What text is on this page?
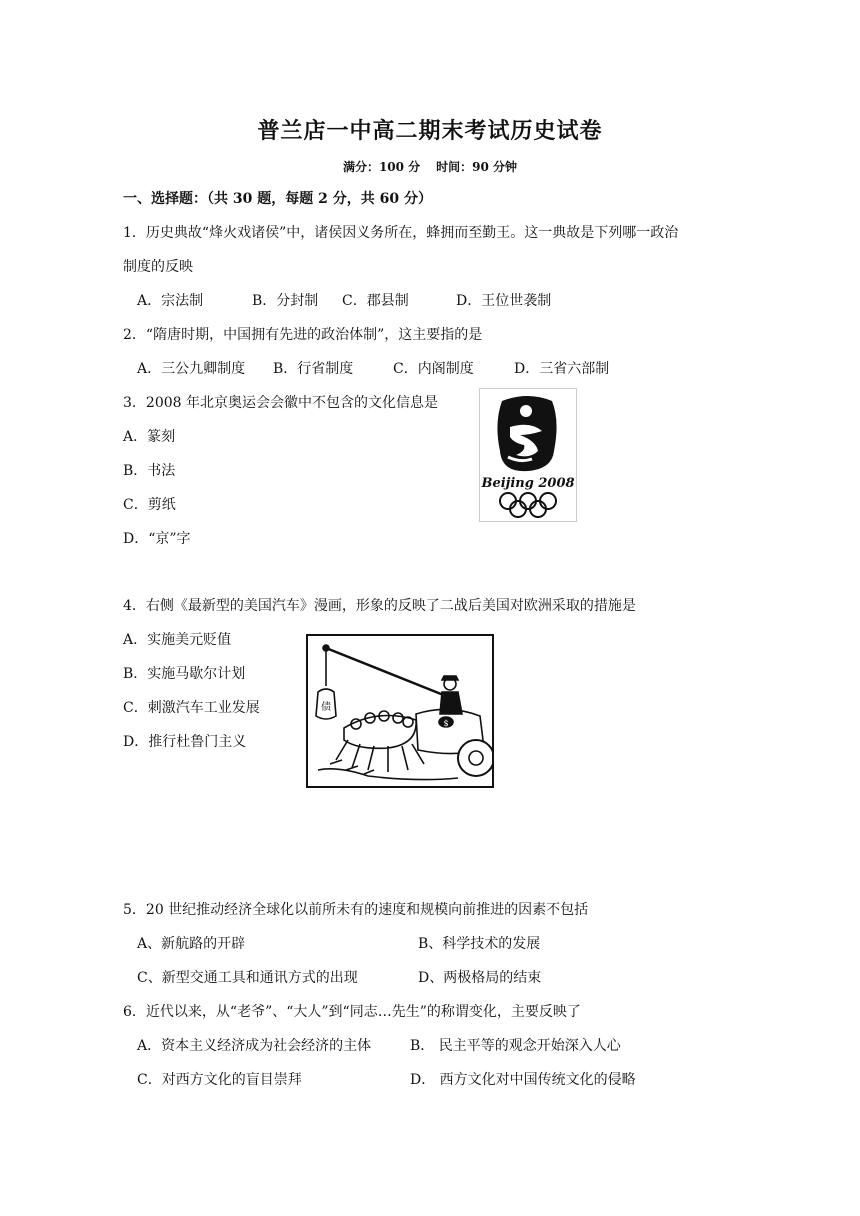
普兰店一中高二期末考试历史试卷
满分：100 分 时间：90 分钟
一、选择题：（共 30 题，每题 2 分，共 60 分）
1．历史典故“烽火戏诸侯”中，诸侯因义务所在，蜂拥而至勤王。这一典故是下列哪一政治
制度的反映
A．宗法制	B．分封制 C．郡县制	D．王位世袭制
2．“隋唐时期，中国拥有先进的政治体制”，这主要指的是
A．三公九卿制度 B．行省制度	C．内阁制度	D．三省六部制
3．2008 年北京奥运会会徽中不包含的文化信息是
A．篆刻
B．书法
C．剪纸
D．“京”字
Beijing 2008
4．右侧《最新型的美国汽车》漫画，形象的反映了二战后美国对欧洲采取的措施是
A．实施美元贬值
B．实施马歇尔计划
C．刺激汽车工业发展
D．推行杜鲁门主义
债
$
5．20 世纪推动经济全球化以前所未有的速度和规模向前推进的因素不包括
A、新航路的开辟	B、科学技术的发展
C、新型交通工具和通讯方式的出现	D、两极格局的结束
6．近代以来，从“老爷”、“大人”到“同志…先生”的称谓变化，主要反映了
A．资本主义经济成为社会经济的主体	B． 民主平等的观念开始深入人心
C．对西方文化的盲目崇拜	D． 西方文化对中国传统文化的侵略
